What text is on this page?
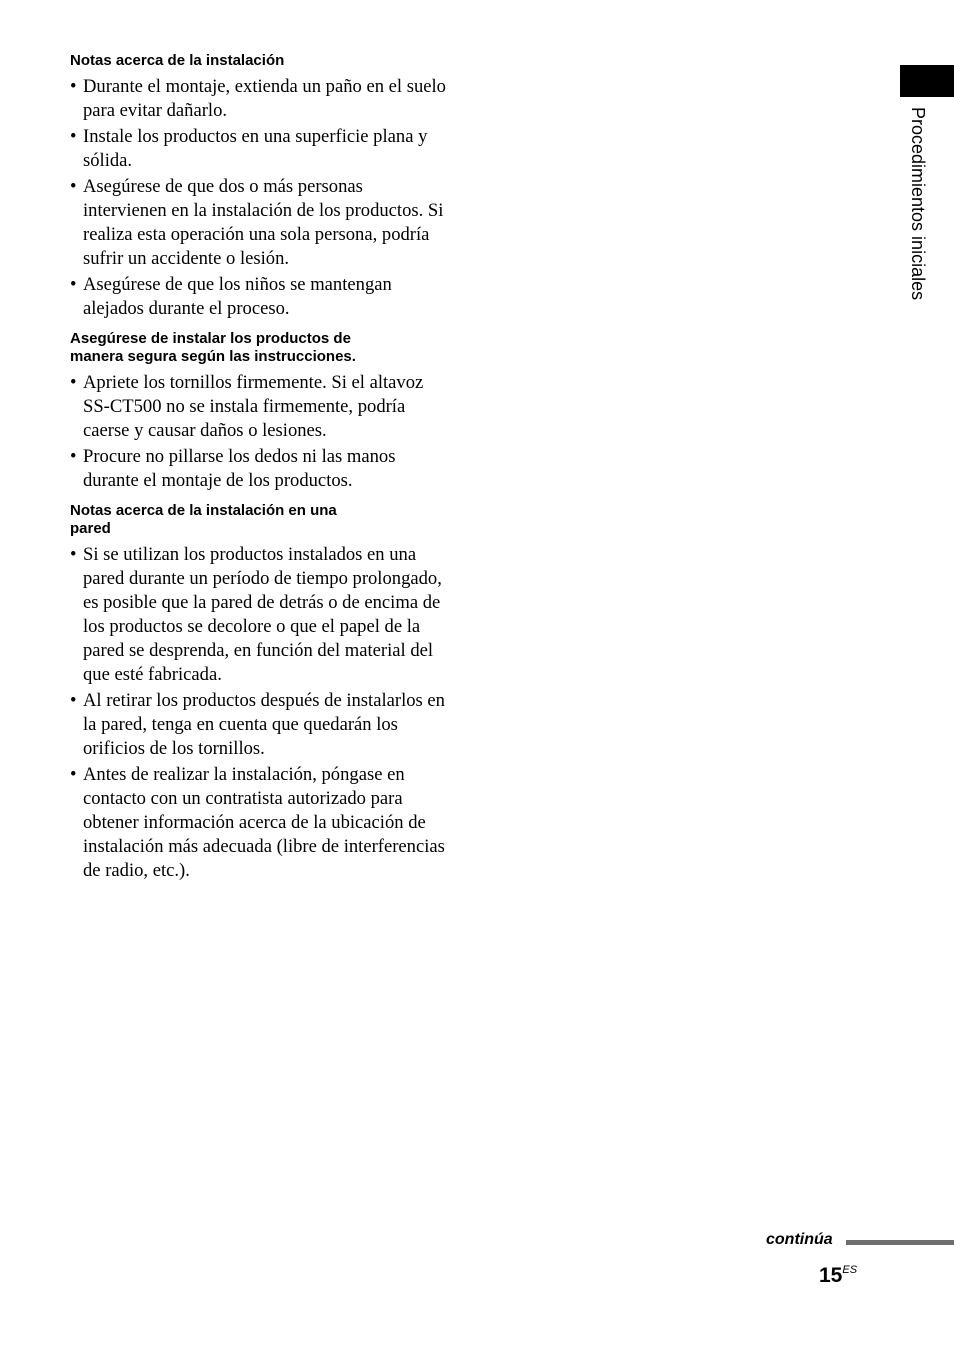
Procedimientos iniciales
Notas acerca de la instalación
• Durante el montaje, extienda un paño en el suelo para evitar dañarlo.
• Instale los productos en una superficie plana y sólida.
• Asegúrese de que dos o más personas intervienen en la instalación de los productos. Si realiza esta operación una sola persona, podría sufrir un accidente o lesión.
• Asegúrese de que los niños se mantengan alejados durante el proceso.
Asegúrese de instalar los productos de
manera segura según las instrucciones.
• Apriete los tornillos firmemente. Si el altavoz SS-CT500 no se instala firmemente, podría caerse y causar daños o lesiones.
• Procure no pillarse los dedos ni las manos durante el montaje de los productos.
Notas acerca de la instalación en una
pared
• Si se utilizan los productos instalados en una pared durante un período de tiempo prolongado, es posible que la pared de detrás o de encima de los productos se decolore o que el papel de la pared se desprenda, en función del material del que esté fabricada.
• Al retirar los productos después de instalarlos en la pared, tenga en cuenta que quedarán los orificios de los tornillos.
• Antes de realizar la instalación, póngase en contacto con un contratista autorizado para obtener información acerca de la ubicación de instalación más adecuada (libre de interferencias de radio, etc.).
continúa
$15^{ES}$
